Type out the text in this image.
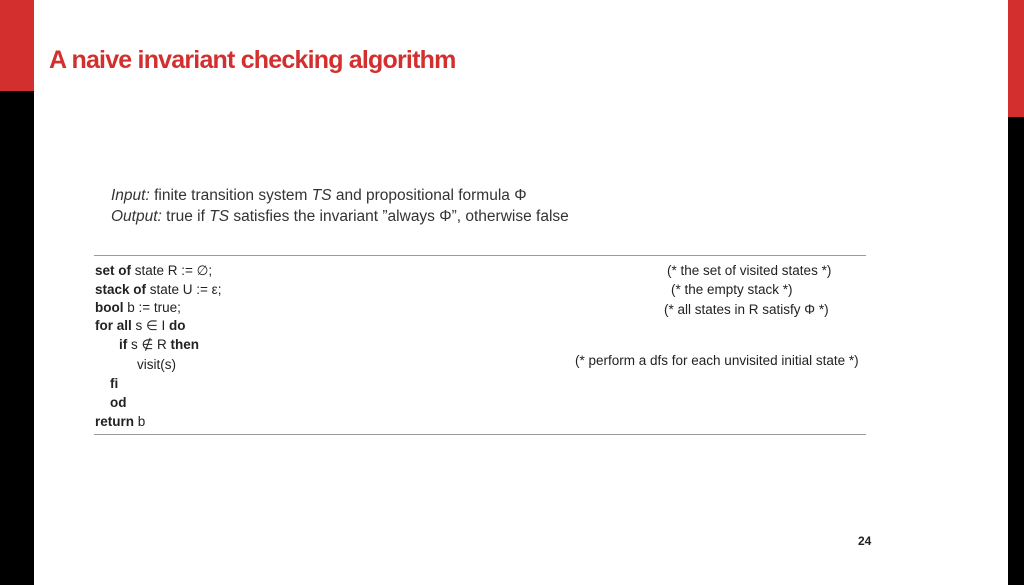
A naive invariant checking algorithm
Input: finite transition system TS and propositional formula Φ
Output: true if TS satisfies the invariant ”always Φ”, otherwise false
set of state R := ∅;
stack of state U := ε;
bool b := true;
for all s ∈ I do
if s ∉ R then
visit(s)
fi
od
return b
(* the set of visited states *)
(* the empty stack *)
(* all states in R satisfy Φ *)
(* perform a dfs for each unvisited initial state *)
24
